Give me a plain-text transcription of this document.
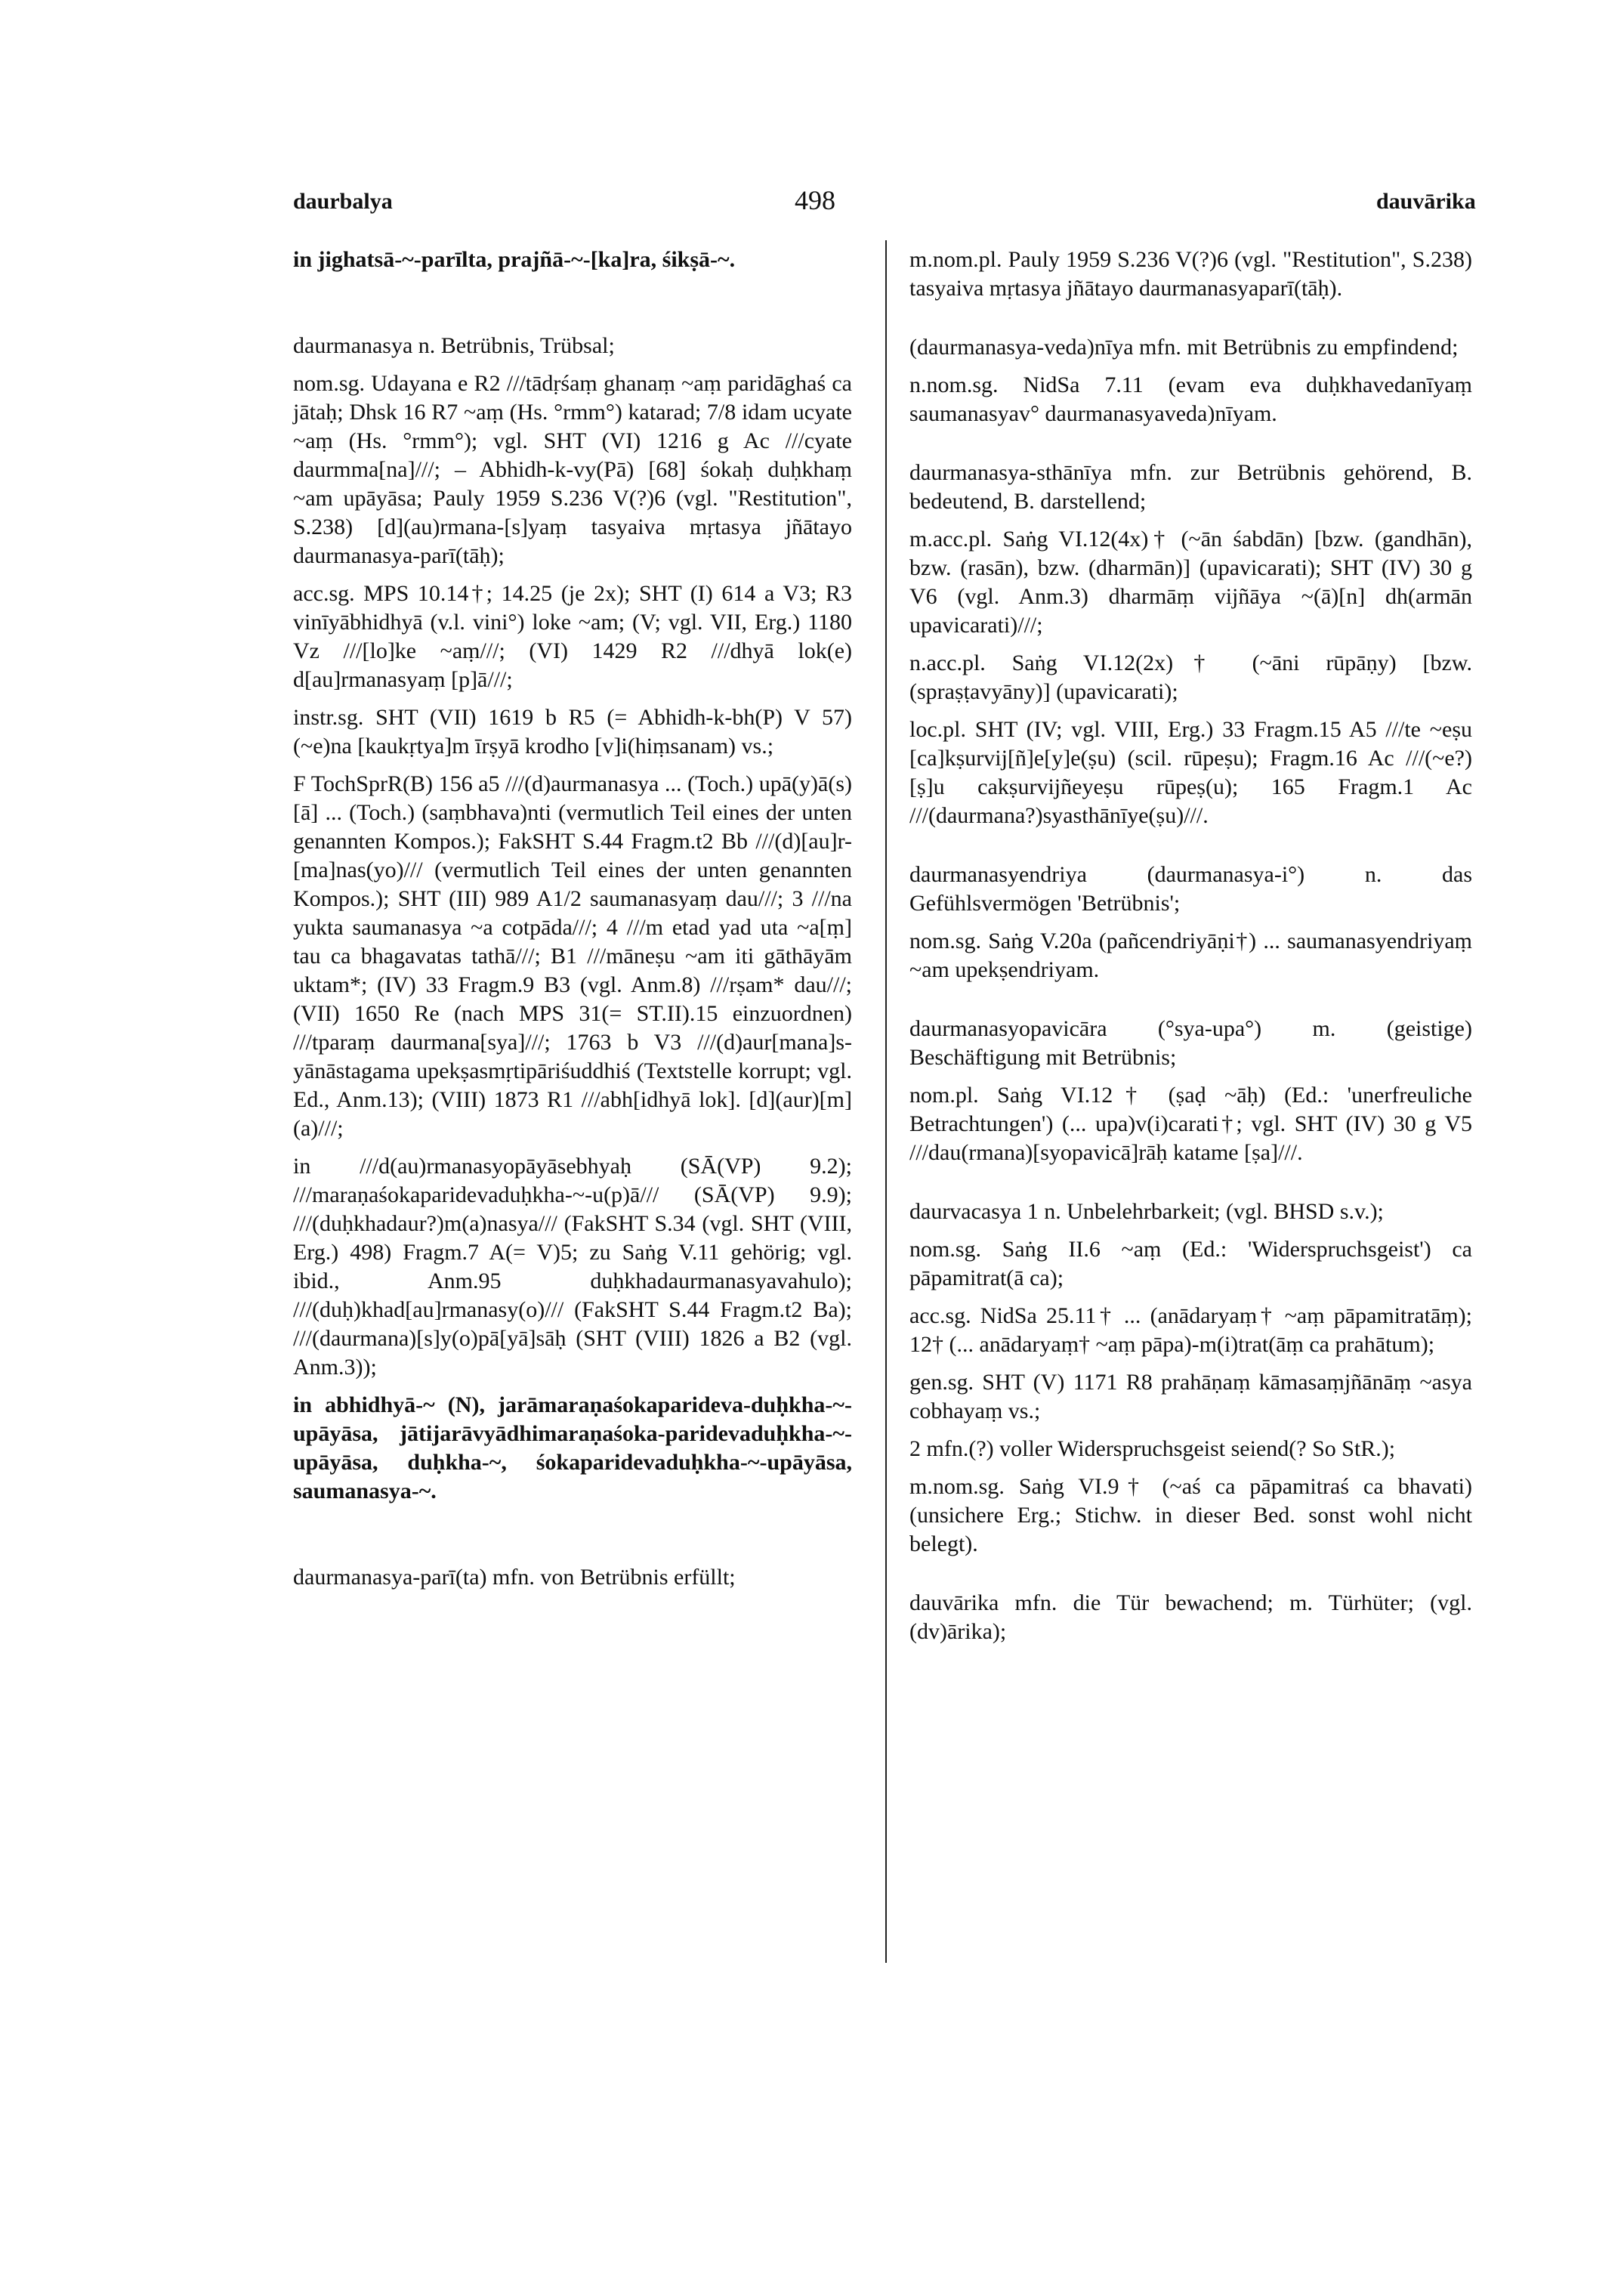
daurbalya	498	dauvārika

in jighatsā-~-parīlta, prajñā-~-[ka]ra, śikṣā-~.

daurmanasya n. Betrübnis, Trübsal;

nom.sg. Udayana e R2 ///tādṛśaṃ ghanaṃ ~aṃ paridāghaś ca jātaḥ; Dhsk 16 R7 ~aṃ (Hs. °rmm°) katarad; 7/8 idam ucyate ~aṃ (Hs. °rmm°); vgl. SHT (VI) 1216 g Ac ///cyate daurmma[na]///; – Abhidh-k-vy(Pā) [68] śokaḥ duḥkhaṃ ~am upāyāsa; Pauly 1959 S.236 V(?)6 (vgl. "Restitution", S.238) [d](au)rmana-[s]yaṃ tasyaiva mṛtasya jñātayo daurmanasya-parī(tāḥ);

acc.sg. MPS 10.14†; 14.25 (je 2x); SHT (I) 614 a V3; R3 vinīyābhidhyā (v.l. vini°) loke ~am; (V; vgl. VII, Erg.) 1180 Vz ///[lo]ke ~aṃ///; (VI) 1429 R2 ///dhyā lok(e) d[au]rmanasyaṃ [p]ā///;

instr.sg. SHT (VII) 1619 b R5 (= Abhidh-k-bh(P) V 57) (~e)na [kaukṛtya]m īrṣyā krodho [v]i(hiṃsanam) vs.;

F TochSprR(B) 156 a5 ///(d)aurmanasya ... (Toch.) upā(y)ā(s)[ā] ... (Toch.) (saṃbhava)nti (vermutlich Teil eines der unten genannten Kompos.); FakSHT S.44 Fragm.t2 Bb ///(d)[au]r-[ma]nas(yo)/// (vermutlich Teil eines der unten genannten Kompos.); SHT (III) 989 A1/2 saumanasyaṃ dau///; 3 ///na yukta saumanasya ~a cotpāda///; 4 ///m etad yad uta ~a[ṃ] tau ca bhagavatas tathā///; B1 ///māneṣu ~am iti gāthāyām uktam*; (IV) 33 Fragm.9 B3 (vgl. Anm.8) ///rṣam* dau///; (VII) 1650 Re (nach MPS 31(= ST.II).15 einzuordnen) ///tparaṃ daurmana[sya]///; 1763 b V3 ///(d)aur[mana]s-yānāstagama upekṣasmṛtipāriśuddhiś (Textstelle korrupt; vgl. Ed., Anm.13); (VIII) 1873 R1 ///abh[idhyā lok]. [d](aur)[m](a)///;

in ///d(au)rmanasyopāyāsebhyaḥ (SĀ(VP) 9.2); ///maraṇaśokaparidevaduḥkha-~-u(p)ā/// (SĀ(VP) 9.9); ///(duḥkhadaur?)m(a)nasya/// (FakSHT S.34 (vgl. SHT (VIII, Erg.) 498) Fragm.7 A(= V)5; zu Saṅg V.11 gehörig; vgl. ibid., Anm.95 duḥkhadaurmanasyavahulo); ///(duḥ)khad[au]rmanasy(o)/// (FakSHT S.44 Fragm.t2 Ba); ///(daurmana)[s]y(o)pā[yā]sāḥ (SHT (VIII) 1826 a B2 (vgl. Anm.3));

in abhidhyā-~ (N), jarāmaraṇaśokaparideva-duḥkha-~-upāyāsa, jātijarāvyādhimaraṇaśoka-paridevaduḥkha-~-upāyāsa, duḥkha-~, śokaparidevaduḥkha-~-upāyāsa, saumanasya-~.

daurmanasya-parī(ta) mfn. von Betrübnis erfüllt;

m.nom.pl. Pauly 1959 S.236 V(?)6 (vgl. "Restitution", S.238) tasyaiva mṛtasya jñātayo daurmanasyaparī(tāḥ).

(daurmanasya-veda)nīya mfn. mit Betrübnis zu empfindend;

n.nom.sg. NidSa 7.11 (evam eva duḥkhavedanīyaṃ saumanasyav° daurmanasyaveda)nīyam.

daurmanasya-sthānīya mfn. zur Betrübnis gehörend, B. bedeutend, B. darstellend;

m.acc.pl. Saṅg VI.12(4x)† (~ān śabdān) [bzw. (gandhān), bzw. (rasān), bzw. (dharmān)] (upavicarati); SHT (IV) 30 g V6 (vgl. Anm.3) dharmāṃ vijñāya ~(ā)[n] dh(armān upavicarati)///;

n.acc.pl. Saṅg VI.12(2x)† (~āni rūpāṇy) [bzw. (spraṣṭavyāny)] (upavicarati);

loc.pl. SHT (IV; vgl. VIII, Erg.) 33 Fragm.15 A5 ///te ~eṣu [ca]kṣurvij[ñ]e[y]e(ṣu) (scil. rūpeṣu); Fragm.16 Ac ///(~e?)[ṣ]u cakṣurvijñeyeṣu rūpeṣ(u); 165 Fragm.1 Ac ///(daurmana?)syasthānīye(ṣu)///.

daurmanasyendriya (daurmanasya-i°) n. das Gefühlsvermögen 'Betrübnis';

nom.sg. Saṅg V.20a (pañcendriyāṇi†) ... saumanasyendriyaṃ ~am upekṣendriyam.

daurmanasyopavicāra (°sya-upa°) m. (geistige) Beschäftigung mit Betrübnis;

nom.pl. Saṅg VI.12† (ṣaḍ ~āḥ) (Ed.: 'unerfreuliche Betrachtungen') (... upa)v(i)carati†; vgl. SHT (IV) 30 g V5 ///dau(rmana)[syopavicā]rāḥ katame [ṣa]///.

daurvacasya 1 n. Unbelehrbarkeit; (vgl. BHSD s.v.);

nom.sg. Saṅg II.6 ~aṃ (Ed.: 'Widerspruchsgeist') ca pāpamitrat(ā ca);

acc.sg. NidSa 25.11† ... (anādaryaṃ† ~aṃ pāpamitratāṃ); 12† (... anādaryaṃ† ~aṃ pāpa)-m(i)trat(āṃ ca prahātum);

gen.sg. SHT (V) 1171 R8 prahāṇaṃ kāmasaṃjñānāṃ ~asya cobhayaṃ vs.;

2 mfn.(?) voller Widerspruchsgeist seiend(? So StR.);

m.nom.sg. Saṅg VI.9† (~aś ca pāpamitraś ca bhavati) (unsichere Erg.; Stichw. in dieser Bed. sonst wohl nicht belegt).

dauvārika mfn. die Tür bewachend; m. Türhüter; (vgl. (dv)ārika);
